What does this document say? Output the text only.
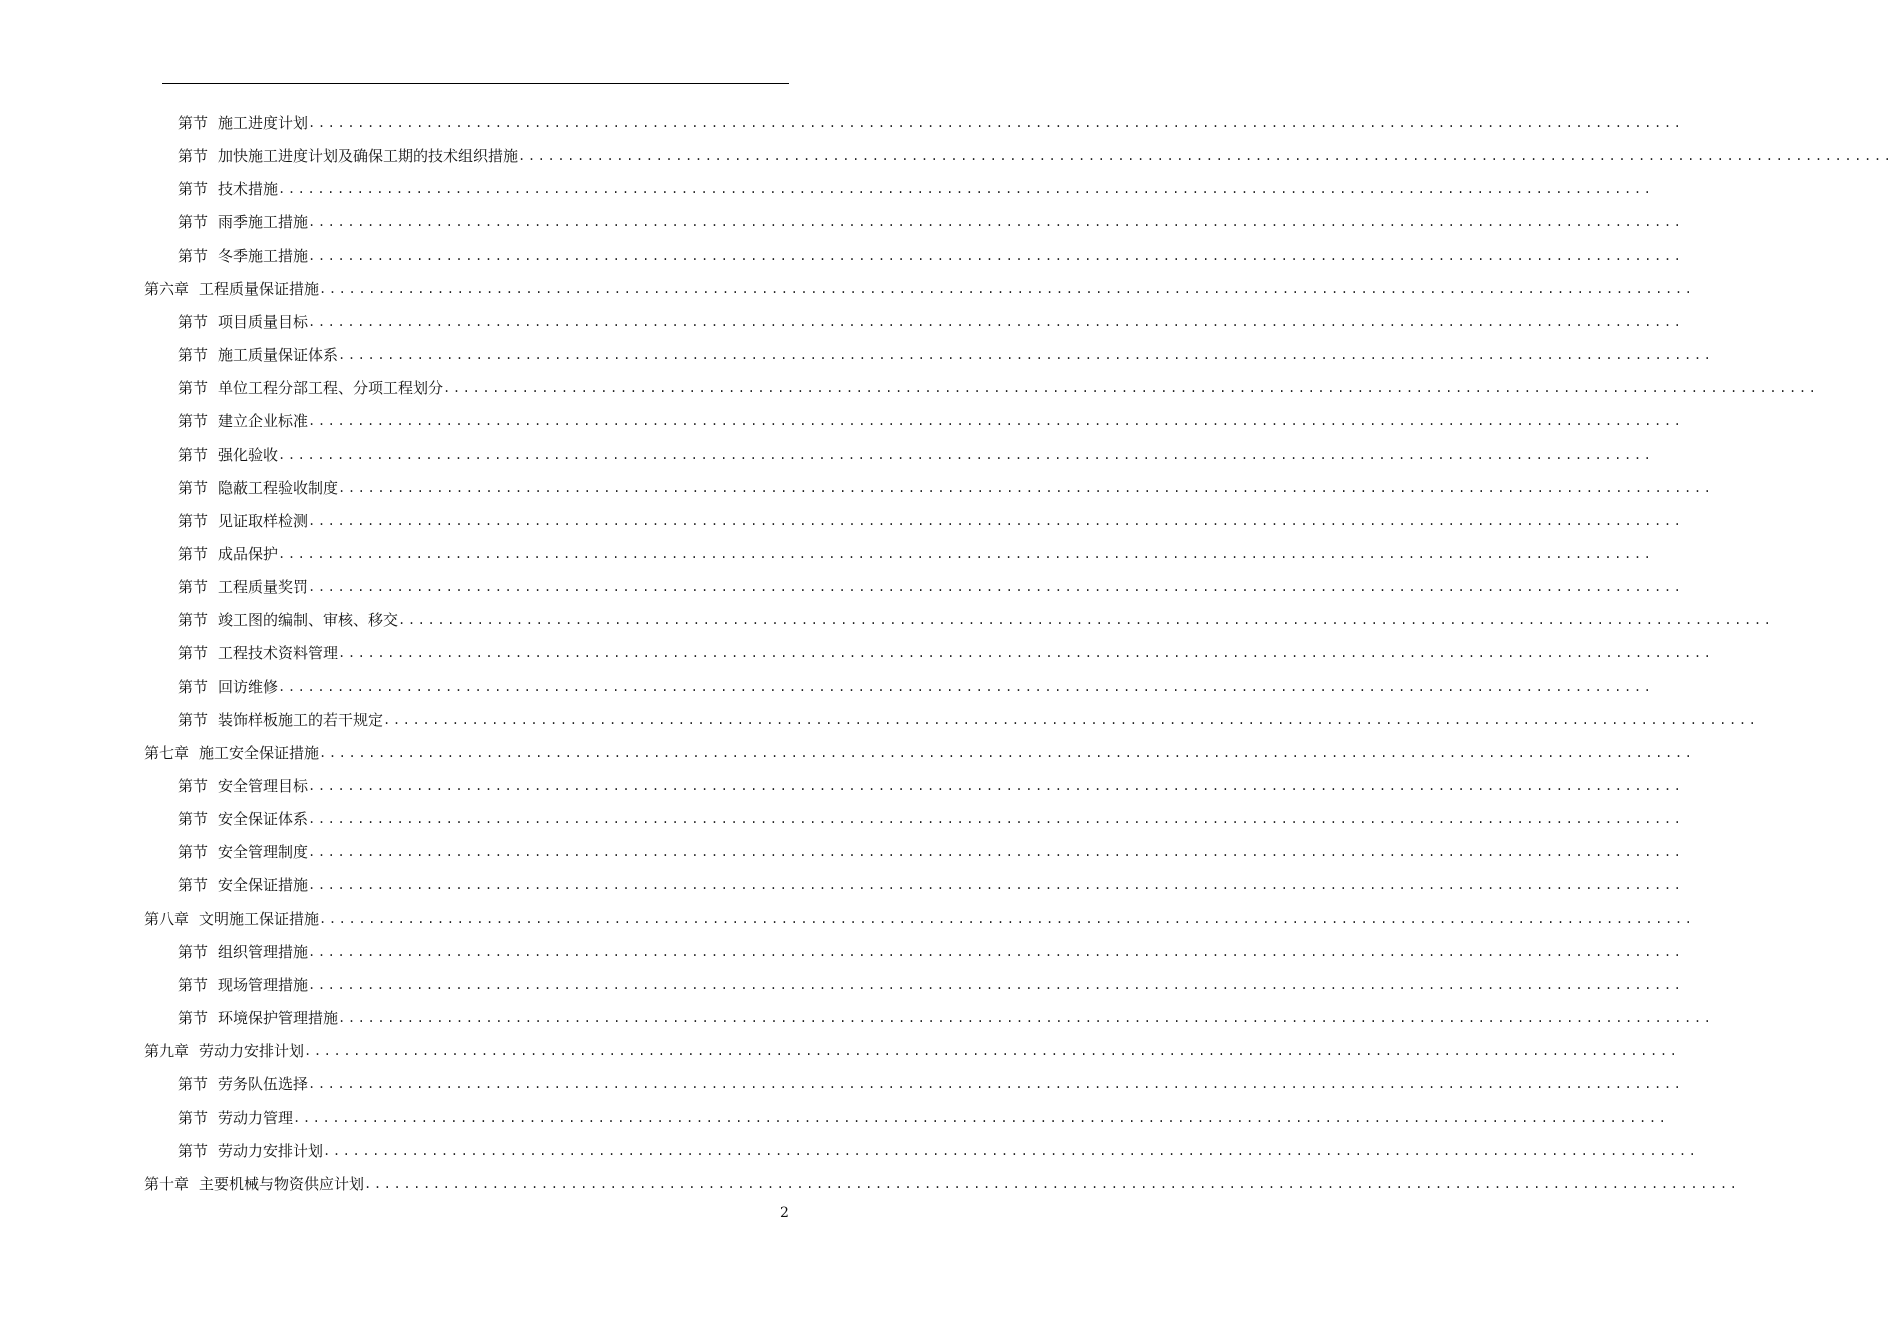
第节 施工进度计划 ............................................................................................................................................
第节 加快施工进度计划及确保工期的技术组织措施 ............................................................................................................................................
第节 技术措施 ............................................................................................................................................
第节 雨季施工措施 ............................................................................................................................................
第节 冬季施工措施 ............................................................................................................................................
第六章 工程质量保证措施 ............................................................................................................................................
第节 项目质量目标 ............................................................................................................................................
第节 施工质量保证体系 ............................................................................................................................................
第节 单位工程分部工程、分项工程划分 ............................................................................................................................................
第节 建立企业标准 ............................................................................................................................................
第节 强化验收 ............................................................................................................................................
第节 隐蔽工程验收制度 ............................................................................................................................................
第节 见证取样检测 ............................................................................................................................................
第节 成品保护 ............................................................................................................................................
第节 工程质量奖罚 ............................................................................................................................................
第节 竣工图的编制、审核、移交 ............................................................................................................................................
第节 工程技术资料管理 ............................................................................................................................................
第节 回访维修 ............................................................................................................................................
第节 装饰样板施工的若干规定 ............................................................................................................................................
第七章 施工安全保证措施 ............................................................................................................................................
第节 安全管理目标 ............................................................................................................................................
第节 安全保证体系 ............................................................................................................................................
第节 安全管理制度 ............................................................................................................................................
第节 安全保证措施 ............................................................................................................................................
第八章 文明施工保证措施 ............................................................................................................................................
第节 组织管理措施 ............................................................................................................................................
第节 现场管理措施 ............................................................................................................................................
第节 环境保护管理措施 ............................................................................................................................................
第九章 劳动力安排计划 ............................................................................................................................................
第节 劳务队伍选择 ............................................................................................................................................
第节 劳动力管理 ............................................................................................................................................
第节 劳动力安排计划 ............................................................................................................................................
第十章 主要机械与物资供应计划 ............................................................................................................................................
2
